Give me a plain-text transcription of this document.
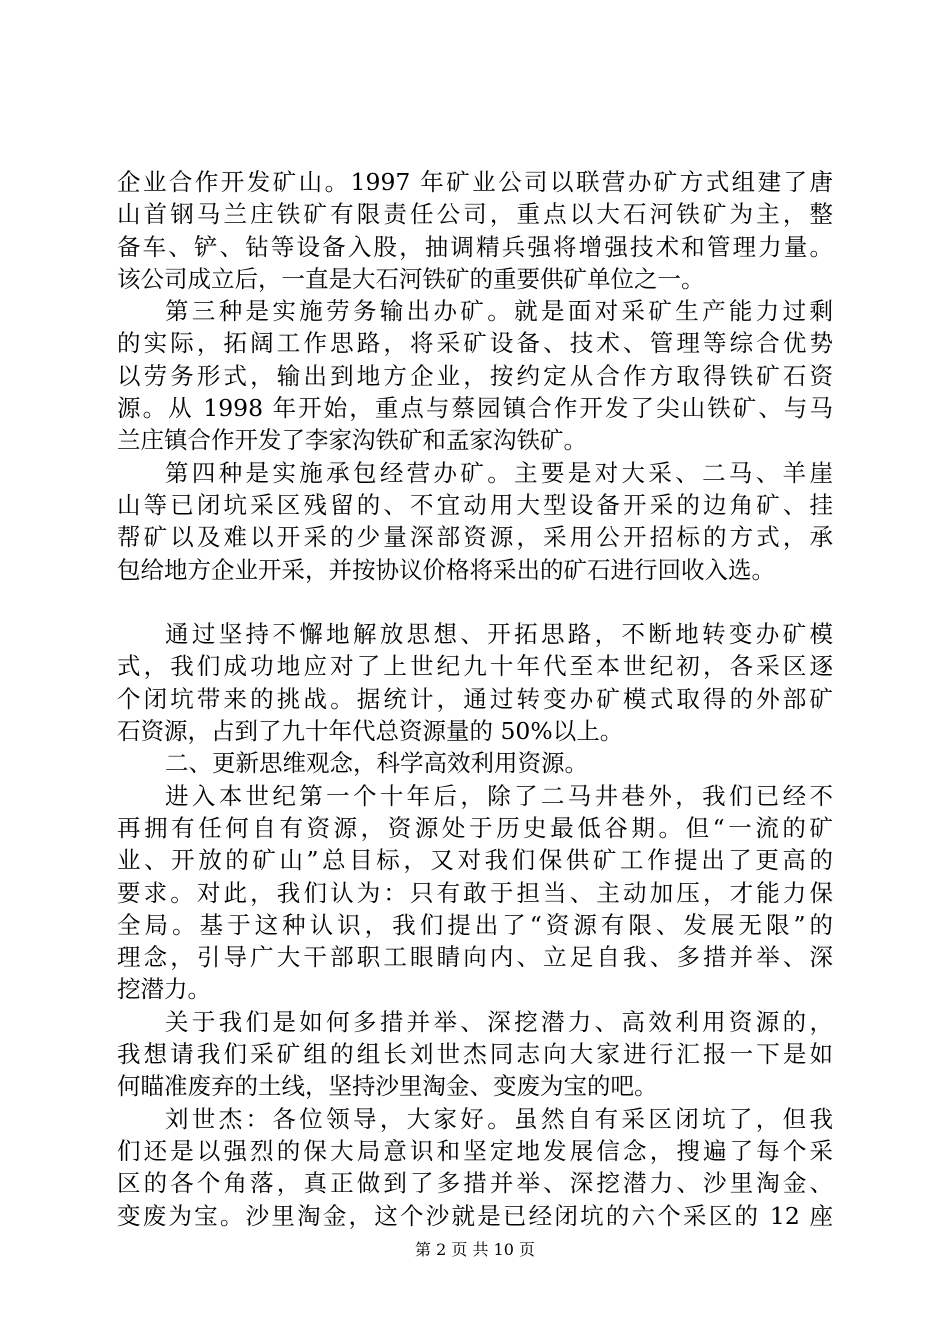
企业合作开发矿山。1997 年矿业公司以联营办矿方式组建了唐
山首钢马兰庄铁矿有限责任公司，重点以大石河铁矿为主，整
备车、铲、钻等设备入股，抽调精兵强将增强技术和管理力量。
该公司成立后，一直是大石河铁矿的重要供矿单位之一。
第三种是实施劳务输出办矿。就是面对采矿生产能力过剩
的实际，拓阔工作思路，将采矿设备、技术、管理等综合优势
以劳务形式，输出到地方企业，按约定从合作方取得铁矿石资
源。从 1998 年开始，重点与蔡园镇合作开发了尖山铁矿、与马
兰庄镇合作开发了李家沟铁矿和孟家沟铁矿。
第四种是实施承包经营办矿。主要是对大采、二马、羊崖
山等已闭坑采区残留的、不宜动用大型设备开采的边角矿、挂
帮矿以及难以开采的少量深部资源，采用公开招标的方式，承
包给地方企业开采，并按协议价格将采出的矿石进行回收入选。
通过坚持不懈地解放思想、开拓思路，不断地转变办矿模
式，我们成功地应对了上世纪九十年代至本世纪初，各采区逐
个闭坑带来的挑战。据统计，通过转变办矿模式取得的外部矿
石资源，占到了九十年代总资源量的 50%以上。
二、更新思维观念，科学高效利用资源。
进入本世纪第一个十年后，除了二马井巷外，我们已经不
再拥有任何自有资源，资源处于历史最低谷期。但“一流的矿
业、开放的矿山”总目标，又对我们保供矿工作提出了更高的
要求。对此，我们认为：只有敢于担当、主动加压，才能力保
全局。基于这种认识，我们提出了“资源有限、发展无限”的
理念，引导广大干部职工眼睛向内、立足自我、多措并举、深
挖潜力。
关于我们是如何多措并举、深挖潜力、高效利用资源的，
我想请我们采矿组的组长刘世杰同志向大家进行汇报一下是如
何瞄准废弃的土线，坚持沙里淘金、变废为宝的吧。
刘世杰：各位领导，大家好。虽然自有采区闭坑了，但我
们还是以强烈的保大局意识和坚定地发展信念，搜遍了每个采
区的各个角落，真正做到了多措并举、深挖潜力、沙里淘金、
变废为宝。沙里淘金，这个沙就是已经闭坑的六个采区的 12 座
第 2 页 共 10 页
